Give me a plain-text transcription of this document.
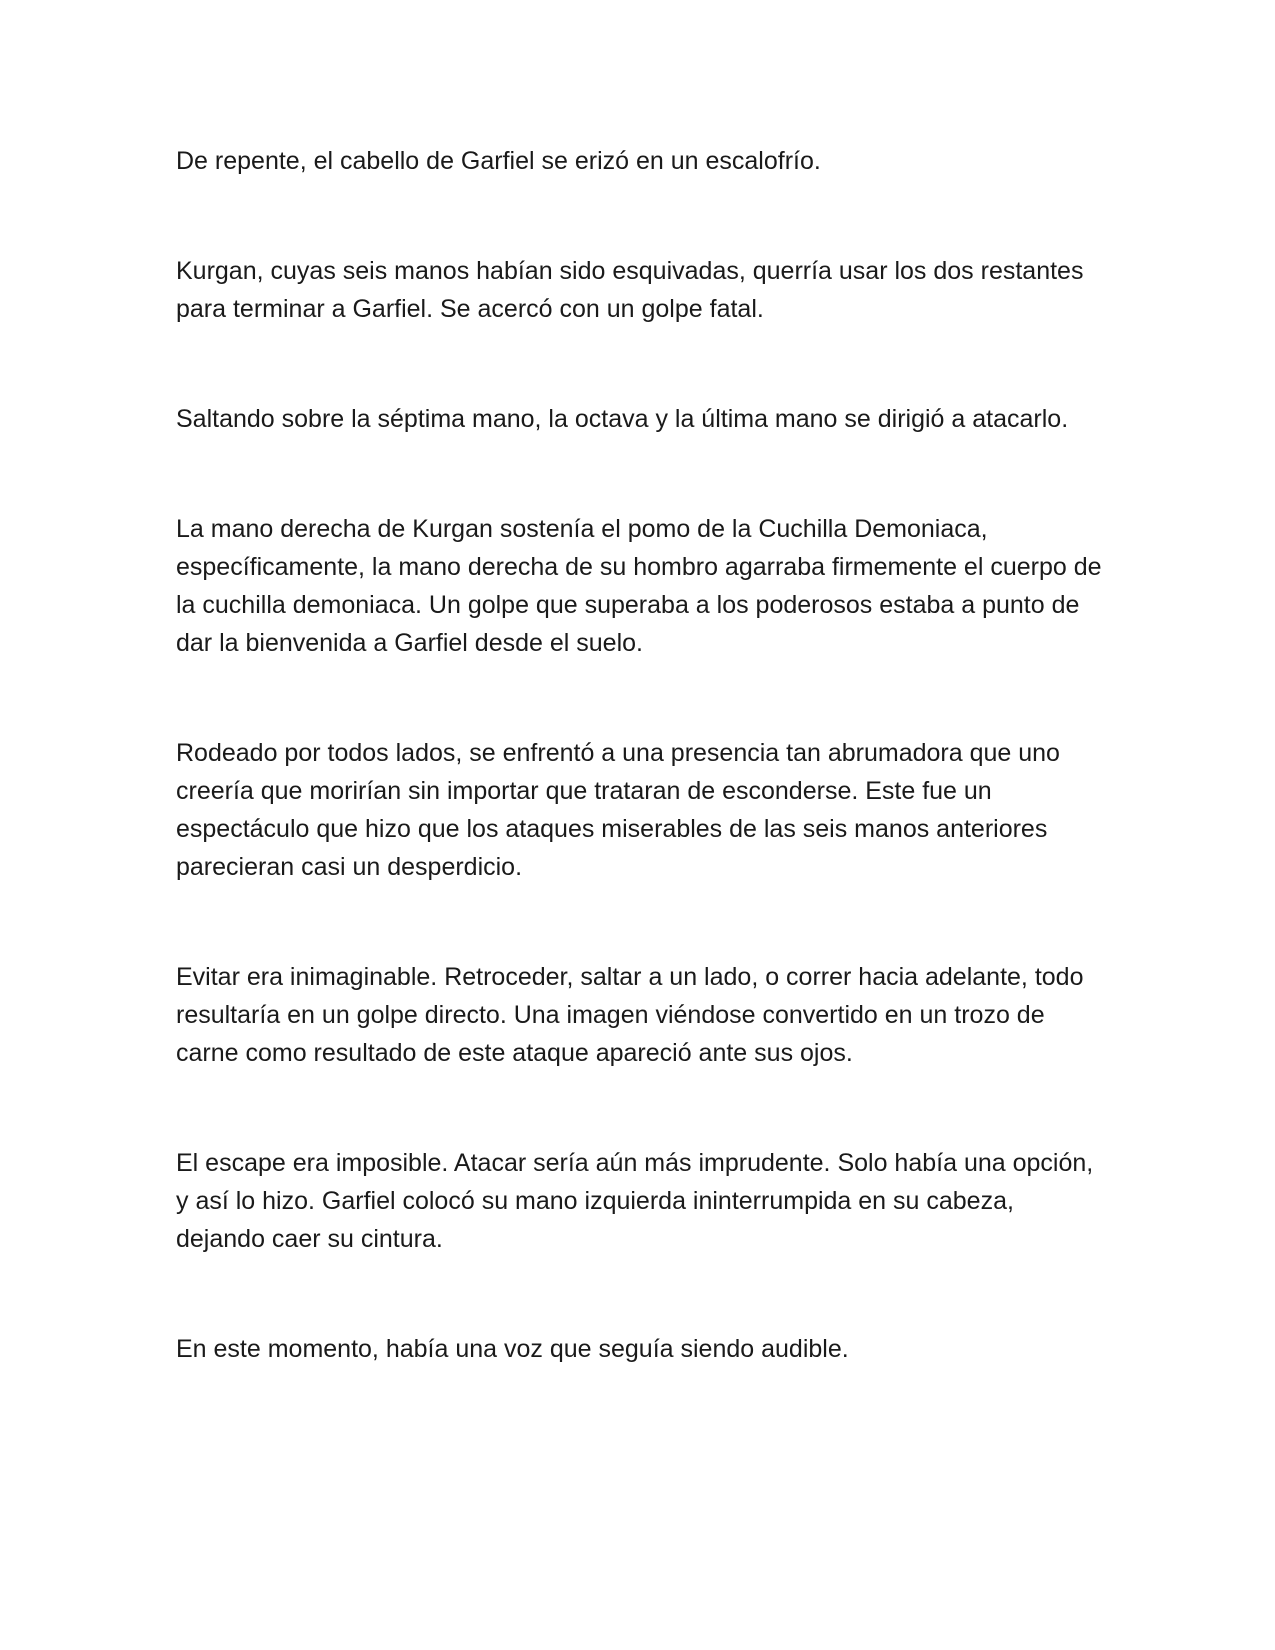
De repente, el cabello de Garfiel se erizó en un escalofrío.

Kurgan, cuyas seis manos habían sido esquivadas, querría usar los dos restantes para terminar a Garfiel. Se acercó con un golpe fatal.

Saltando sobre la séptima mano, la octava y la última mano se dirigió a atacarlo.

La mano derecha de Kurgan sostenía el pomo de la Cuchilla Demoniaca, específicamente, la mano derecha de su hombro agarraba firmemente el cuerpo de la cuchilla demoniaca. Un golpe que superaba a los poderosos estaba a punto de dar la bienvenida a Garfiel desde el suelo.

Rodeado por todos lados, se enfrentó a una presencia tan abrumadora que uno creería que morirían sin importar que trataran de esconderse. Este fue un espectáculo que hizo que los ataques miserables de las seis manos anteriores parecieran casi un desperdicio.

Evitar era inimaginable. Retroceder, saltar a un lado, o correr hacia adelante, todo resultaría en un golpe directo. Una imagen viéndose convertido en un trozo de carne como resultado de este ataque apareció ante sus ojos.

El escape era imposible. Atacar sería aún más imprudente. Solo había una opción, y así lo hizo. Garfiel colocó su mano izquierda ininterrumpida en su cabeza, dejando caer su cintura.

En este momento, había una voz que seguía siendo audible.
